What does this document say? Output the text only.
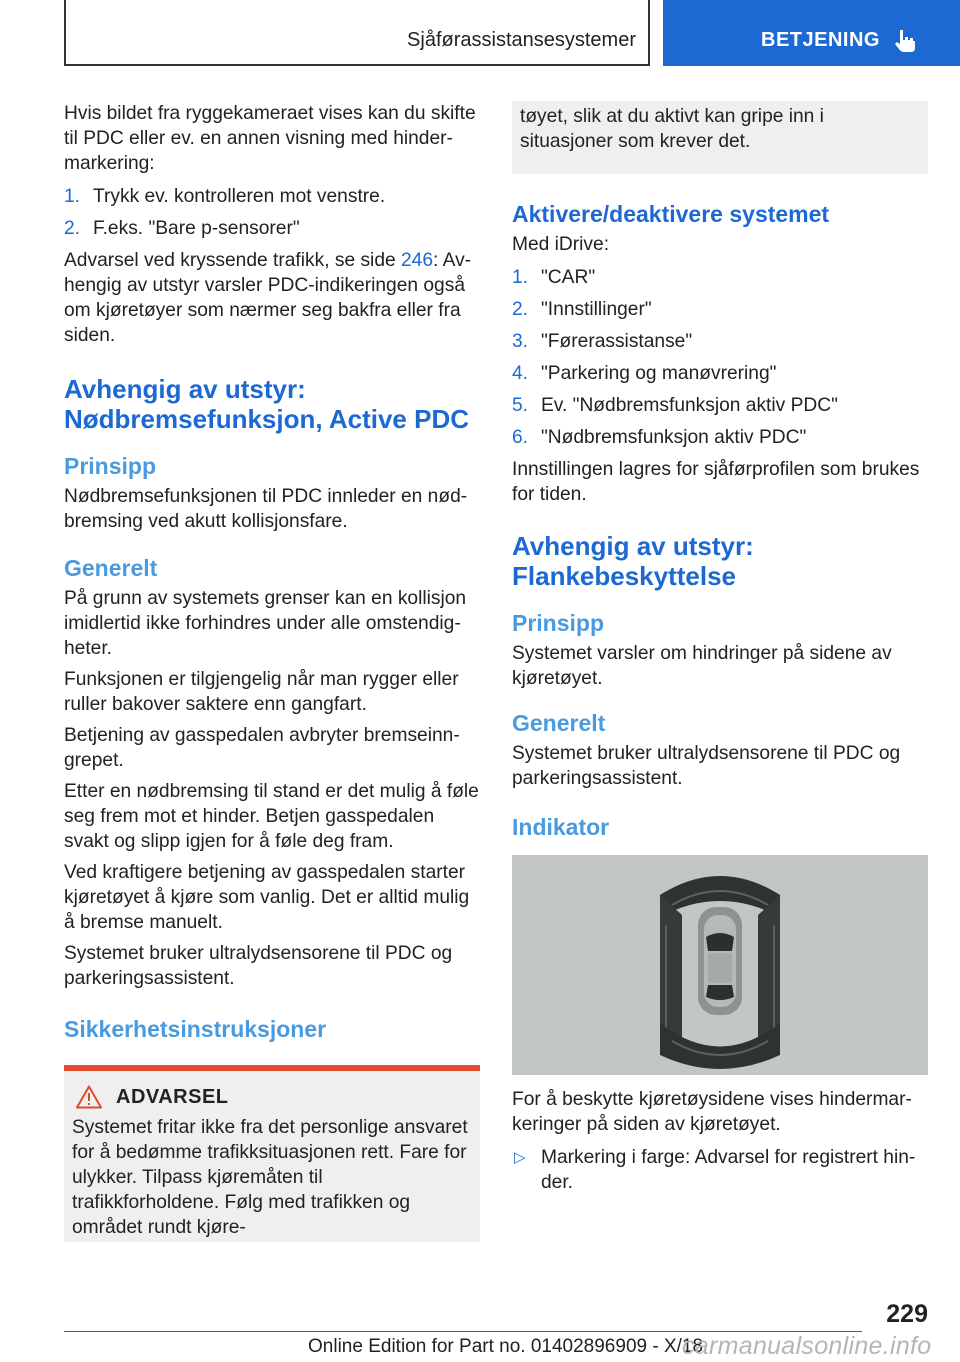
Sjåførassistansesystemer	BETJENING

Hvis bildet fra ryggekameraet vises kan du skifte til PDC eller ev. en annen visning med hindermarkering:

1. Trykk ev. kontrolleren mot venstre.
2. F.eks. "Bare p-sensorer"

Advarsel ved kryssende trafikk, se side 246: Avhengig av utstyr varsler PDC-indikeringen også om kjøretøyer som nærmer seg bakfra eller fra siden.

Avhengig av utstyr: Nødbremsefunksjon, Active PDC
Prinsipp

Nødbremsefunksjonen til PDC innleder en nødbremsing ved akutt kollisjonsfare.

Generelt

På grunn av systemets grenser kan en kollisjon imidlertid ikke forhindres under alle omstendigheter.

Funksjonen er tilgjengelig når man rygger eller ruller bakover saktere enn gangfart.

Betjening av gasspedalen avbryter bremseinngrepet.

Etter en nødbremsing til stand er det mulig å føle seg frem mot et hinder. Betjen gasspedalen svakt og slipp igjen for å føle deg fram.

Ved kraftigere betjening av gasspedalen starter kjøretøyet å kjøre som vanlig. Det er alltid mulig å bremse manuelt.

Systemet bruker ultralydsensorene til PDC og parkeringsassistent.

Sikkerhetsinstruksjoner
ADVARSEL

Systemet fritar ikke fra det personlige ansvaret for å bedømme trafikksituasjonen rett. Fare for ulykker. Tilpass kjøremåten til trafikkforholdene. Følg med trafikken og området rundt kjøre-

tøyet, slik at du aktivt kan gripe inn i situasjoner som krever det.

Aktivere/deaktivere systemet

Med iDrive:

1. "CAR"
2. "Innstillinger"
3. "Førerassistanse"
4. "Parkering og manøvrering"
5. Ev. "Nødbremsfunksjon aktiv PDC"
6. "Nødbremsfunksjon aktiv PDC"

Innstillingen lagres for sjåførprofilen som brukes for tiden.

Avhengig av utstyr: Flankebeskyttelse
Prinsipp

Systemet varsler om hindringer på sidene av kjøretøyet.

Generelt

Systemet bruker ultralydsensorene til PDC og parkeringsassistent.

Indikator

For å beskytte kjøretøysidene vises hindermarkeringer på siden av kjøretøyet.

▷ Markering i farge: Advarsel for registrert hinder.
229
Online Edition for Part no. 01402896909 - X/18
carmanualsonline.info
